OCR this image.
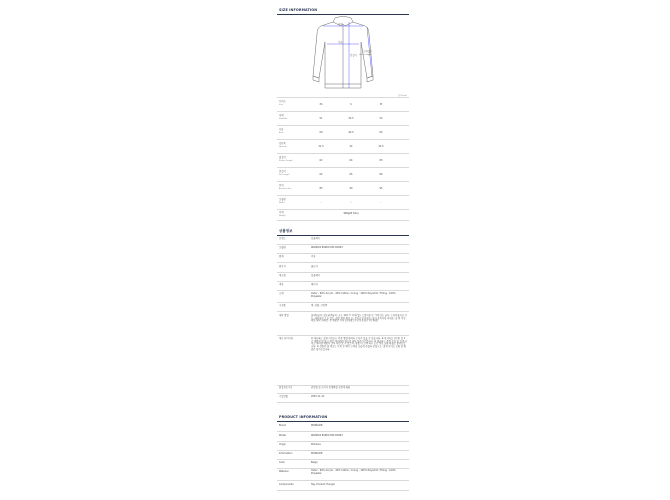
SIZE INFORMATION
어깨
가슴
총길이
소매길이
sleeve length
단위:(cm)
사이즈
Size	XS	S	M
어깨
Shoulder	51	52.5	54
가슴
Bust	60	62.5	65
밑단폭
Hemline	21.5	22	22.5
팔길이
Sleeve Length	62	64	65
총길이
Full Length	64	65	66
암내
Armhole Size	85	90	95
모델핏
Model	-	✓	-
무게
Weight
968g(M Size)
상품정보
브랜드	몽클레어
모델명	I60DD04 806D0 834 R2993
원재	의류
원산지	몰도바
제조원	몽클레어
색상	베이지
소재	Outer : 60% Acrylic , 40% Cotton / Lining : 100% Polyamid / Filling : 100% Polyester
구성품	택, 상품, 쿠킹박
세탁 방법	물세탁금지, 염소표백금지, 손도 110 ℃ 이하(일), 드럼의류 로 기계 건조 금지, 드라이클리닝 가능, 세탁에서 그늘 건조, 전문 세탁 확인 요, 문지르지 마세요, 물가 유의사항 하세요, 실 꽉 작성되었 세탁 하세요. 본 제품은 의류 (상세참조) 약 보존필수 (각 회원)
제조 유의사항	※ 제공되는 실제 사이즈는 측정 방법에 따라 오차가 있을 수 있습니다. ※ 만사이즈 (가지) 총 1 간 제품에 별 명시 제일 제 (대형) 제조된 세부 보관기간입니다. ※ 제공되는 측정 수치 및 실제 사이즈 제어된 제품의 교차 혹인 있 수 있으며, 상품 이 고객 되시 조건 정상 교환 환불로 불가능합니다. ※ 상품의 원 제조는 가게 로 맥이 고객님 모습에 주셨다 보십시오. 결제 사이즈 교환 및 환불은 불가능합니다.
품질보증기준	관련법 및 소비자 분쟁해결 규정에 따름
수입연월	2025-11-13
PRODUCT INFORMATION
Brand	MONCLER
Model	I60DD04 806D0 834 R2993
Origin	Moldova
Information	MONCLER
Color	Beige
Material	Outer : 60% Acrylic , 40% Cotton / Lining : 100% Polyamid / Filling : 100% Polyester
Components	Tag, Product, Hanger
